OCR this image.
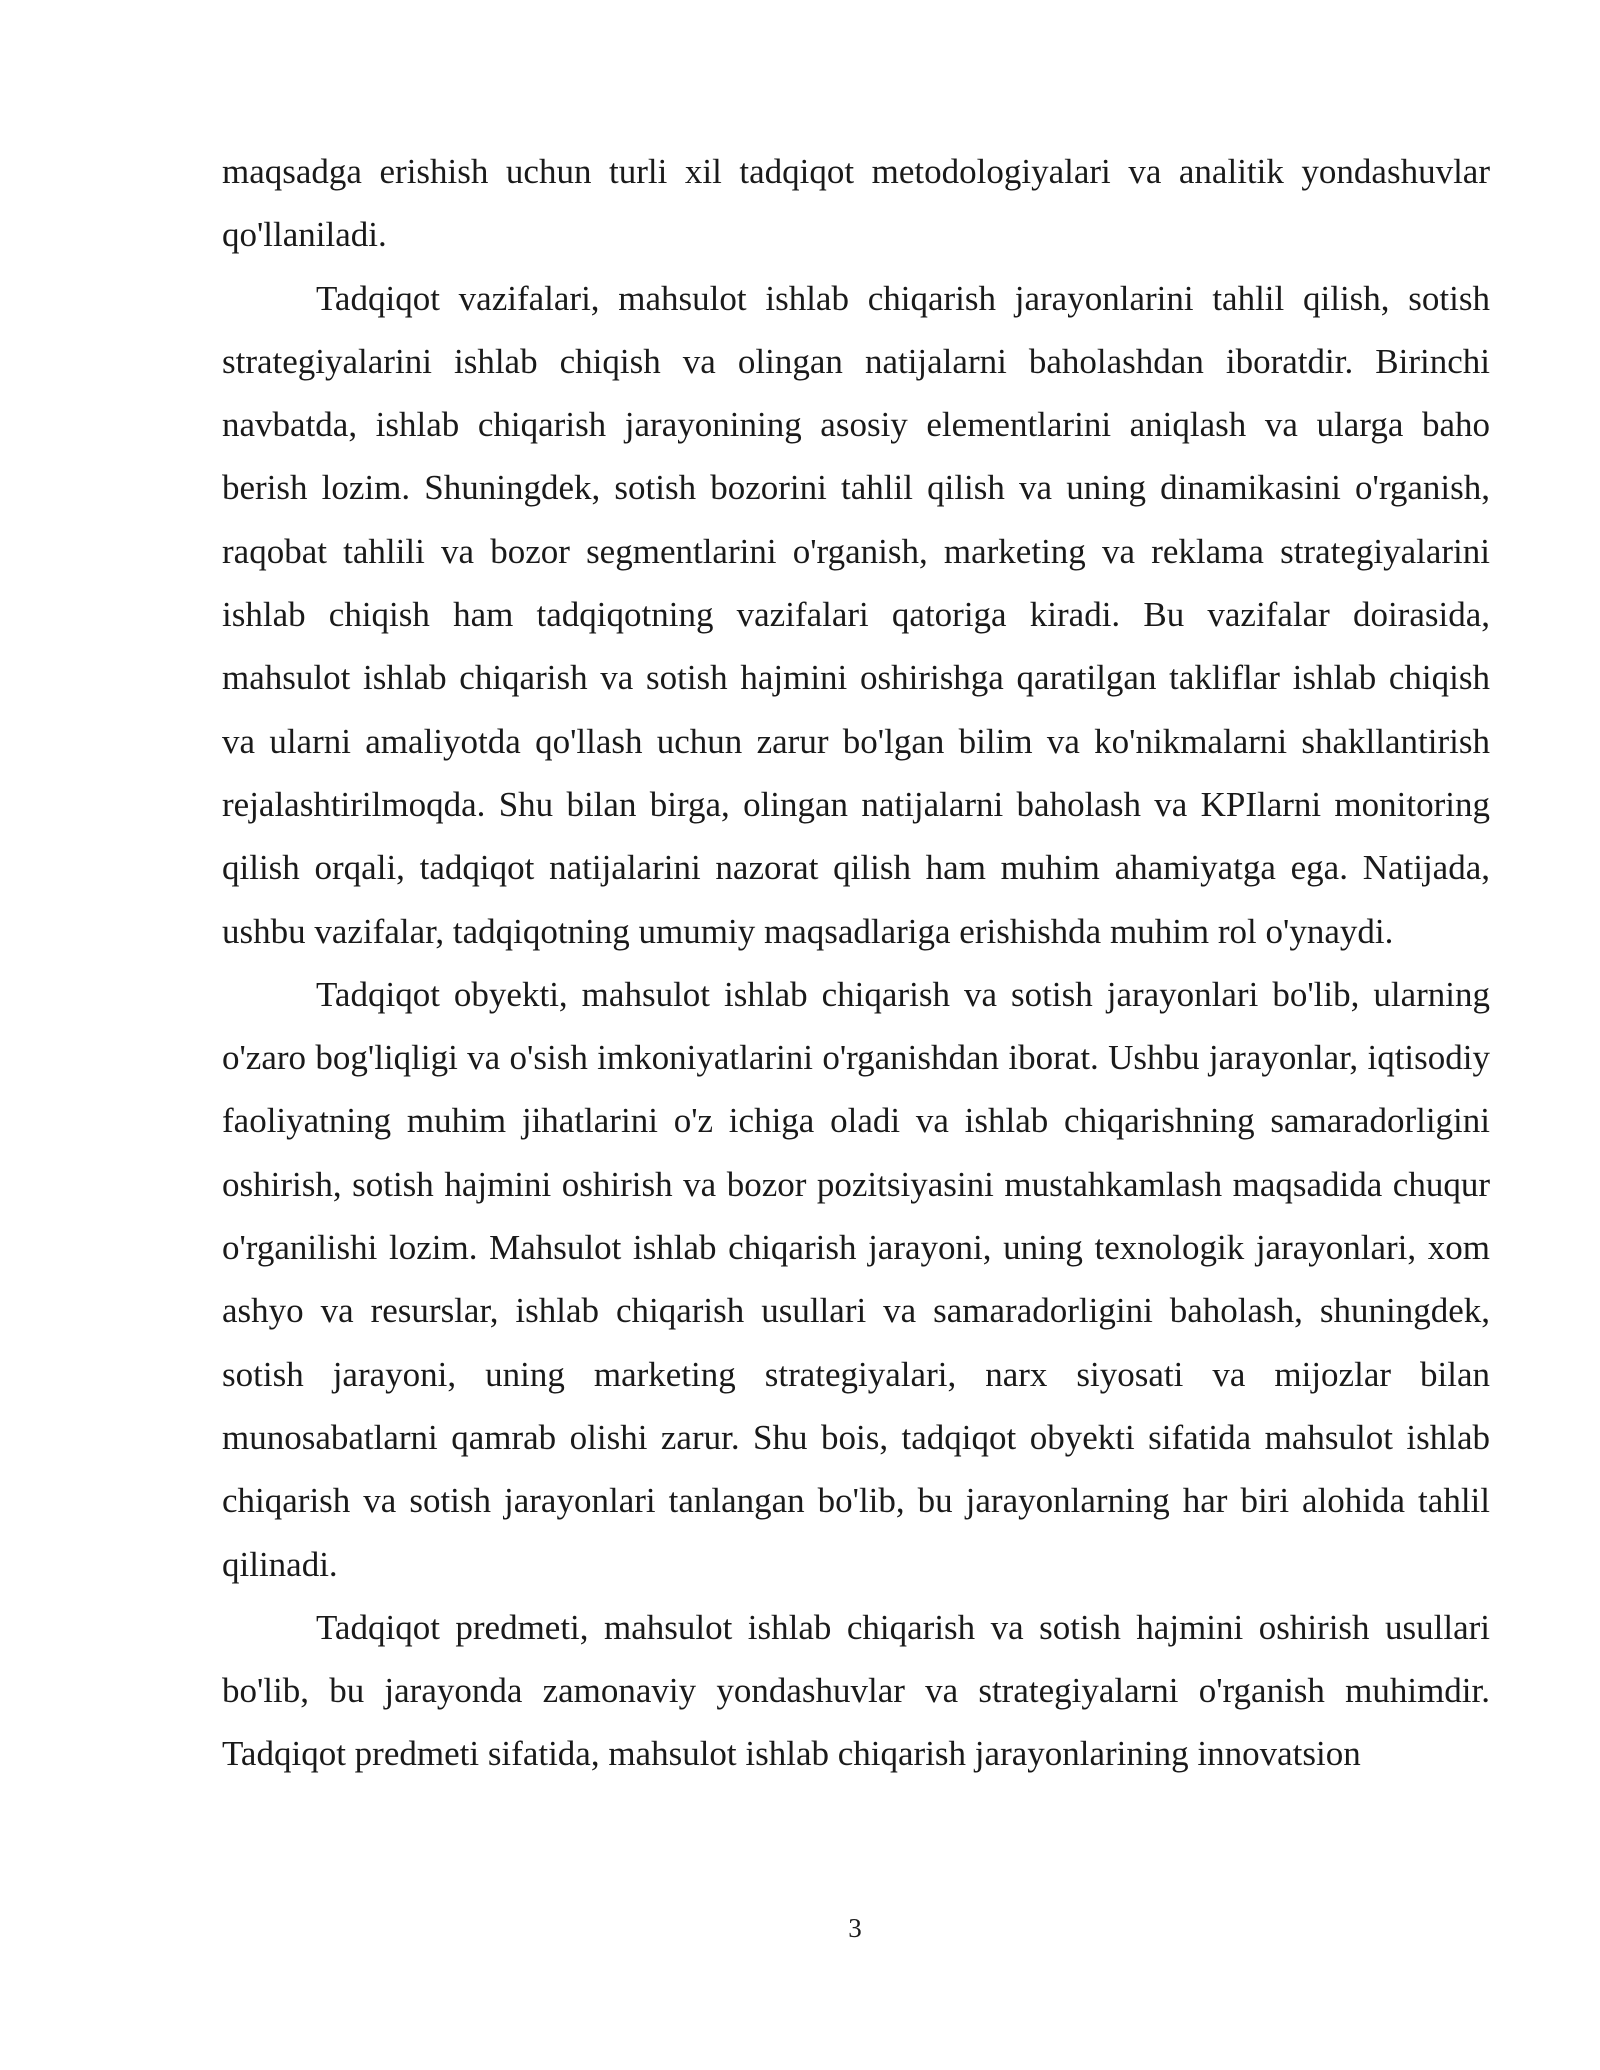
maqsadga erishish uchun turli xil tadqiqot metodologiyalari va analitik yondashuvlar qo'llaniladi.

Tadqiqot vazifalari, mahsulot ishlab chiqarish jarayonlarini tahlil qilish, sotish strategiyalarini ishlab chiqish va olingan natijalarni baholashdan iboratdir. Birinchi navbatda, ishlab chiqarish jarayonining asosiy elementlarini aniqlash va ularga baho berish lozim. Shuningdek, sotish bozorini tahlil qilish va uning dinamikasini o'rganish, raqobat tahlili va bozor segmentlarini o'rganish, marketing va reklama strategiyalarini ishlab chiqish ham tadqiqotning vazifalari qatoriga kiradi. Bu vazifalar doirasida, mahsulot ishlab chiqarish va sotish hajmini oshirishga qaratilgan takliflar ishlab chiqish va ularni amaliyotda qo'llash uchun zarur bo'lgan bilim va ko'nikmalarni shakllantirish rejalashtirilmoqda. Shu bilan birga, olingan natijalarni baholash va KPIlarni monitoring qilish orqali, tadqiqot natijalarini nazorat qilish ham muhim ahamiyatga ega. Natijada, ushbu vazifalar, tadqiqotning umumiy maqsadlariga erishishda muhim rol o'ynaydi.

Tadqiqot obyekti, mahsulot ishlab chiqarish va sotish jarayonlari bo'lib, ularning o'zaro bog'liqligi va o'sish imkoniyatlarini o'rganishdan iborat. Ushbu jarayonlar, iqtisodiy faoliyatning muhim jihatlarini o'z ichiga oladi va ishlab chiqarishning samaradorligini oshirish, sotish hajmini oshirish va bozor pozitsiyasini mustahkamlash maqsadida chuqur o'rganilishi lozim. Mahsulot ishlab chiqarish jarayoni, uning texnologik jarayonlari, xom ashyo va resurslar, ishlab chiqarish usullari va samaradorligini baholash, shuningdek, sotish jarayoni, uning marketing strategiyalari, narx siyosati va mijozlar bilan munosabatlarni qamrab olishi zarur. Shu bois, tadqiqot obyekti sifatida mahsulot ishlab chiqarish va sotish jarayonlari tanlangan bo'lib, bu jarayonlarning har biri alohida tahlil qilinadi.

Tadqiqot predmeti, mahsulot ishlab chiqarish va sotish hajmini oshirish usullari bo'lib, bu jarayonda zamonaviy yondashuvlar va strategiyalarni o'rganish muhimdir. Tadqiqot predmeti sifatida, mahsulot ishlab chiqarish jarayonlarining innovatsion

3
